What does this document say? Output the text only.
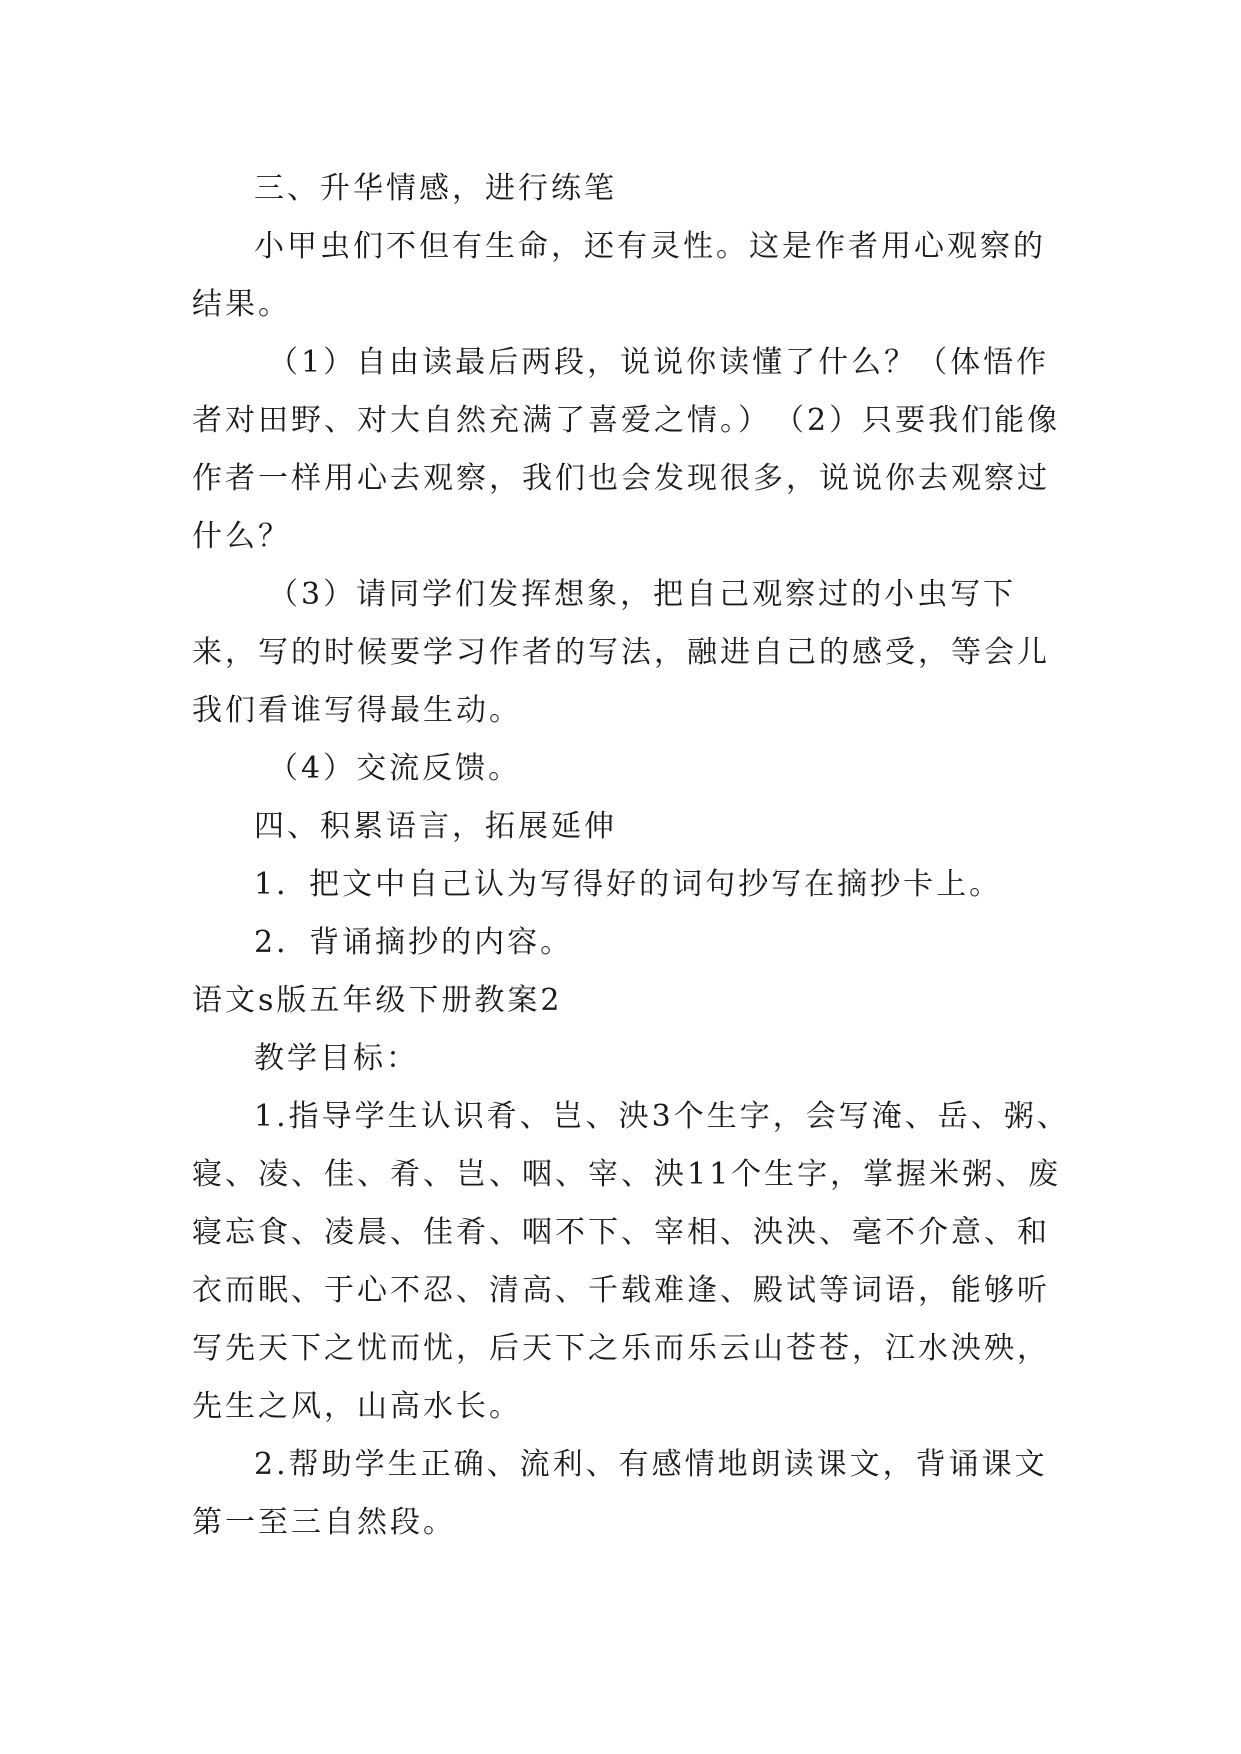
三、升华情感，进行练笔

小甲虫们不但有生命，还有灵性。这是作者用心观察的结果。

（1）自由读最后两段，说说你读懂了什么？（体悟作者对田野、对大自然充满了喜爱之情。）　（2）只要我们能像作者一样用心去观察，我们也会发现很多，说说你去观察过什么？

（3）请同学们发挥想象，把自己观察过的小虫写下来，写的时候要学习作者的写法，融进自己的感受，等会儿我们看谁写得最生动。

（4）交流反馈。

四、积累语言，拓展延伸

1．把文中自己认为写得好的词句抄写在摘抄卡上。

2．背诵摘抄的内容。

语文s版五年级下册教案2

教学目标：

1.指导学生认识肴、岂、泱3个生字，会写淹、岳、粥、寝、凌、佳、肴、岂、咽、宰、泱11个生字，掌握米粥、废寝忘食、凌晨、佳肴、咽不下、宰相、泱泱、毫不介意、和衣而眠、于心不忍、清高、千载难逢、殿试等词语，能够听写先天下之忧而忧，后天下之乐而乐云山苍苍，江水泱殃，先生之风，山高水长。

2.帮助学生正确、流利、有感情地朗读课文，背诵课文第一至三自然段。
